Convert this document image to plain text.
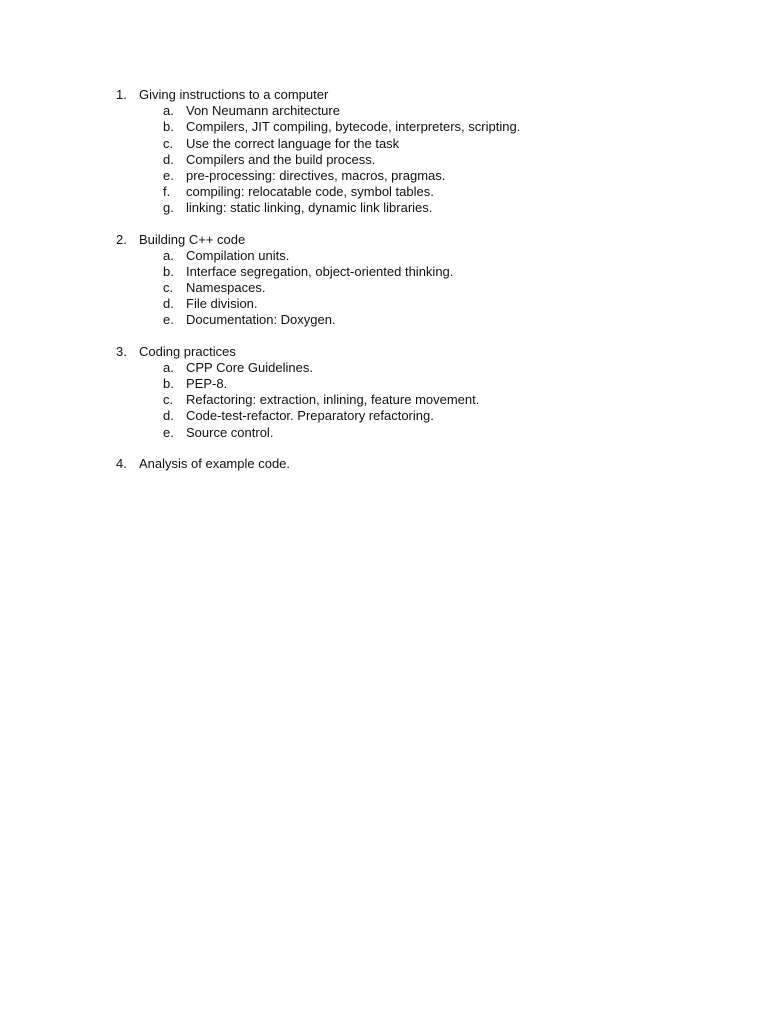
1. Giving instructions to a computer
a. Von Neumann architecture
b. Compilers, JIT compiling, bytecode, interpreters, scripting.
c. Use the correct language for the task
d. Compilers and the build process.
e. pre-processing: directives, macros, pragmas.
f. compiling: relocatable code, symbol tables.
g. linking: static linking, dynamic link libraries.
2. Building C++ code
a. Compilation units.
b. Interface segregation, object-oriented thinking.
c. Namespaces.
d. File division.
e. Documentation: Doxygen.
3. Coding practices
a. CPP Core Guidelines.
b. PEP-8.
c. Refactoring: extraction, inlining, feature movement.
d. Code-test-refactor. Preparatory refactoring.
e. Source control.
4. Analysis of example code.
